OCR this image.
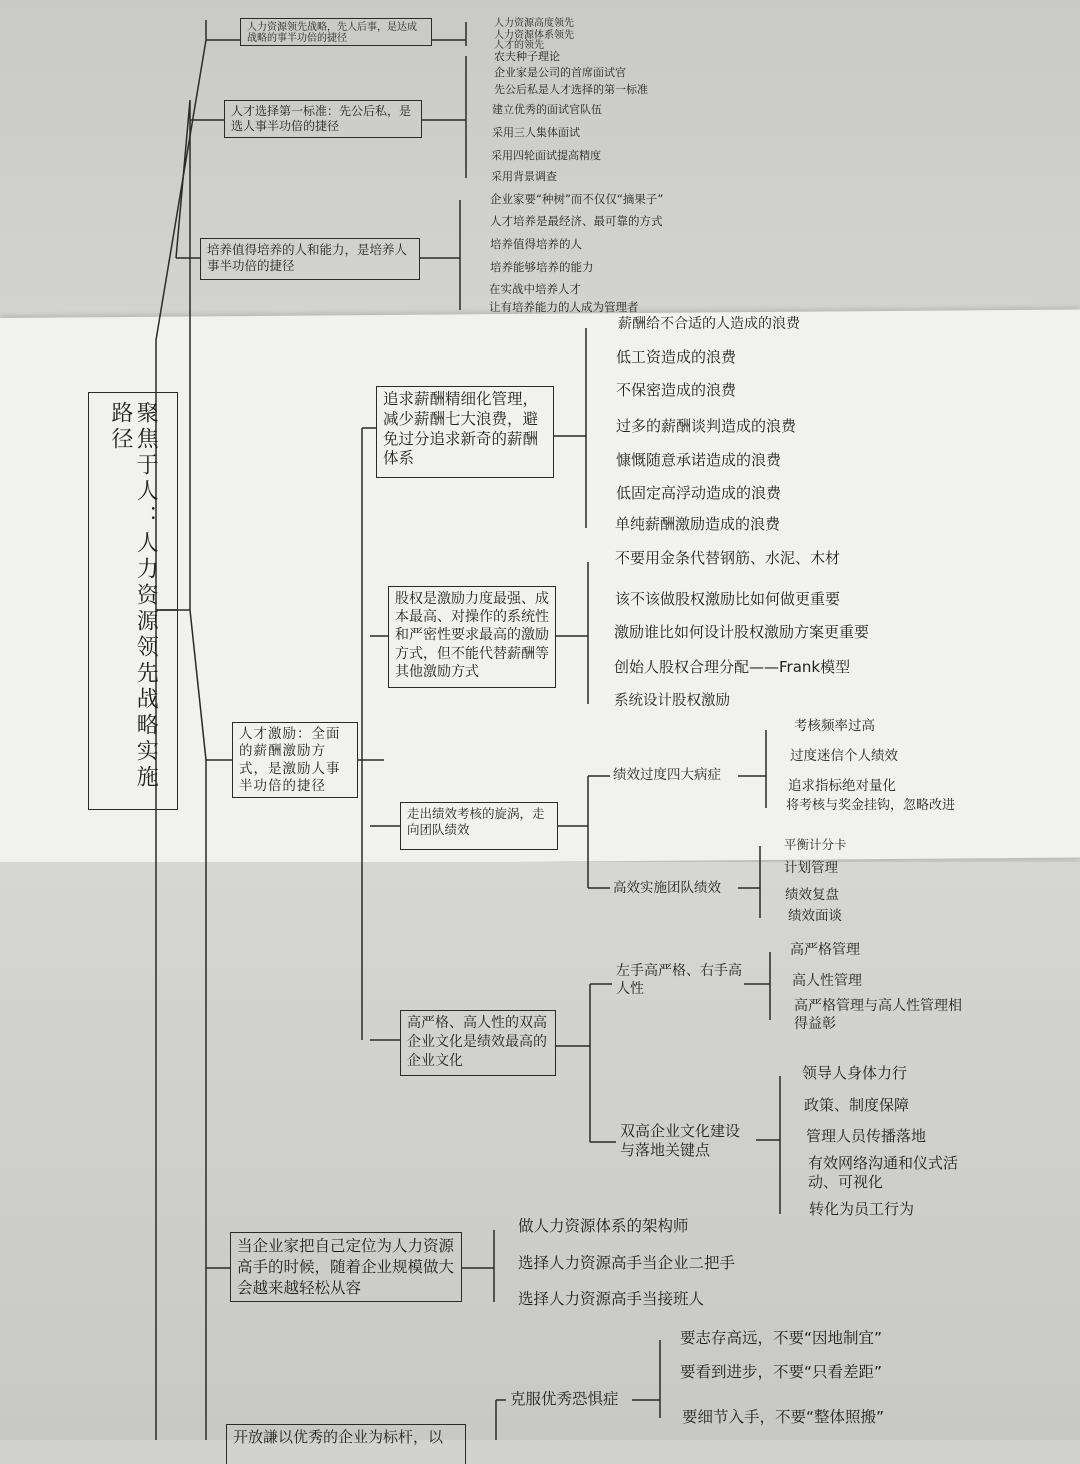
聚焦于人：人力资源领先战略实施路径
人力资源领先战略，先人后事，是达成战略的事半功倍的捷径
人力资源高度领先
人力资源体系领先
人才的领先
人才选择第一标准：先公后私，是选人事半功倍的捷径
农夫种子理论
企业家是公司的首席面试官
先公后私是人才选择的第一标准
建立优秀的面试官队伍
采用三人集体面试
采用四轮面试提高精度
采用背景调查
培养值得培养的人和能力，是培养人事半功倍的捷径
企业家要“种树”而不仅仅“摘果子”
人才培养是最经济、最可靠的方式
培养值得培养的人
培养能够培养的能力
在实战中培养人才
让有培养能力的人成为管理者
人才激励：全面的薪酬激励方式，是激励人事半功倍的捷径
追求薪酬精细化管理，减少薪酬七大浪费，避免过分追求新奇的薪酬体系
薪酬给不合适的人造成的浪费
低工资造成的浪费
不保密造成的浪费
过多的薪酬谈判造成的浪费
慷慨随意承诺造成的浪费
低固定高浮动造成的浪费
单纯薪酬激励造成的浪费
股权是激励力度最强、成本最高、对操作的系统性和严密性要求最高的激励方式，但不能代替薪酬等其他激励方式
不要用金条代替钢筋、水泥、木材
该不该做股权激励比如何做更重要
激励谁比如何设计股权激励方案更重要
创始人股权合理分配——Frank模型
系统设计股权激励
走出绩效考核的旋涡，走向团队绩效
绩效过度四大病症
考核频率过高
过度迷信个人绩效
追求指标绝对量化
将考核与奖金挂钩，忽略改进
高效实施团队绩效
平衡计分卡
计划管理
绩效复盘
绩效面谈
高严格、高人性的双高企业文化是绩效最高的企业文化
左手高严格、右手高人性
高严格管理
高人性管理
高严格管理与高人性管理相得益彰
双高企业文化建设与落地关键点
领导人身体力行
政策、制度保障
管理人员传播落地
有效网络沟通和仪式活动、可视化
转化为员工行为
当企业家把自己定位为人力资源高手的时候，随着企业规模做大会越来越轻松从容
做人力资源体系的架构师
选择人力资源高手当企业二把手
选择人力资源高手当接班人
开放謙以优秀的企业为标杆，以
克服优秀恐惧症
要志存高远，不要“因地制宜”
要看到进步，不要“只看差距”
要细节入手，不要“整体照搬”
